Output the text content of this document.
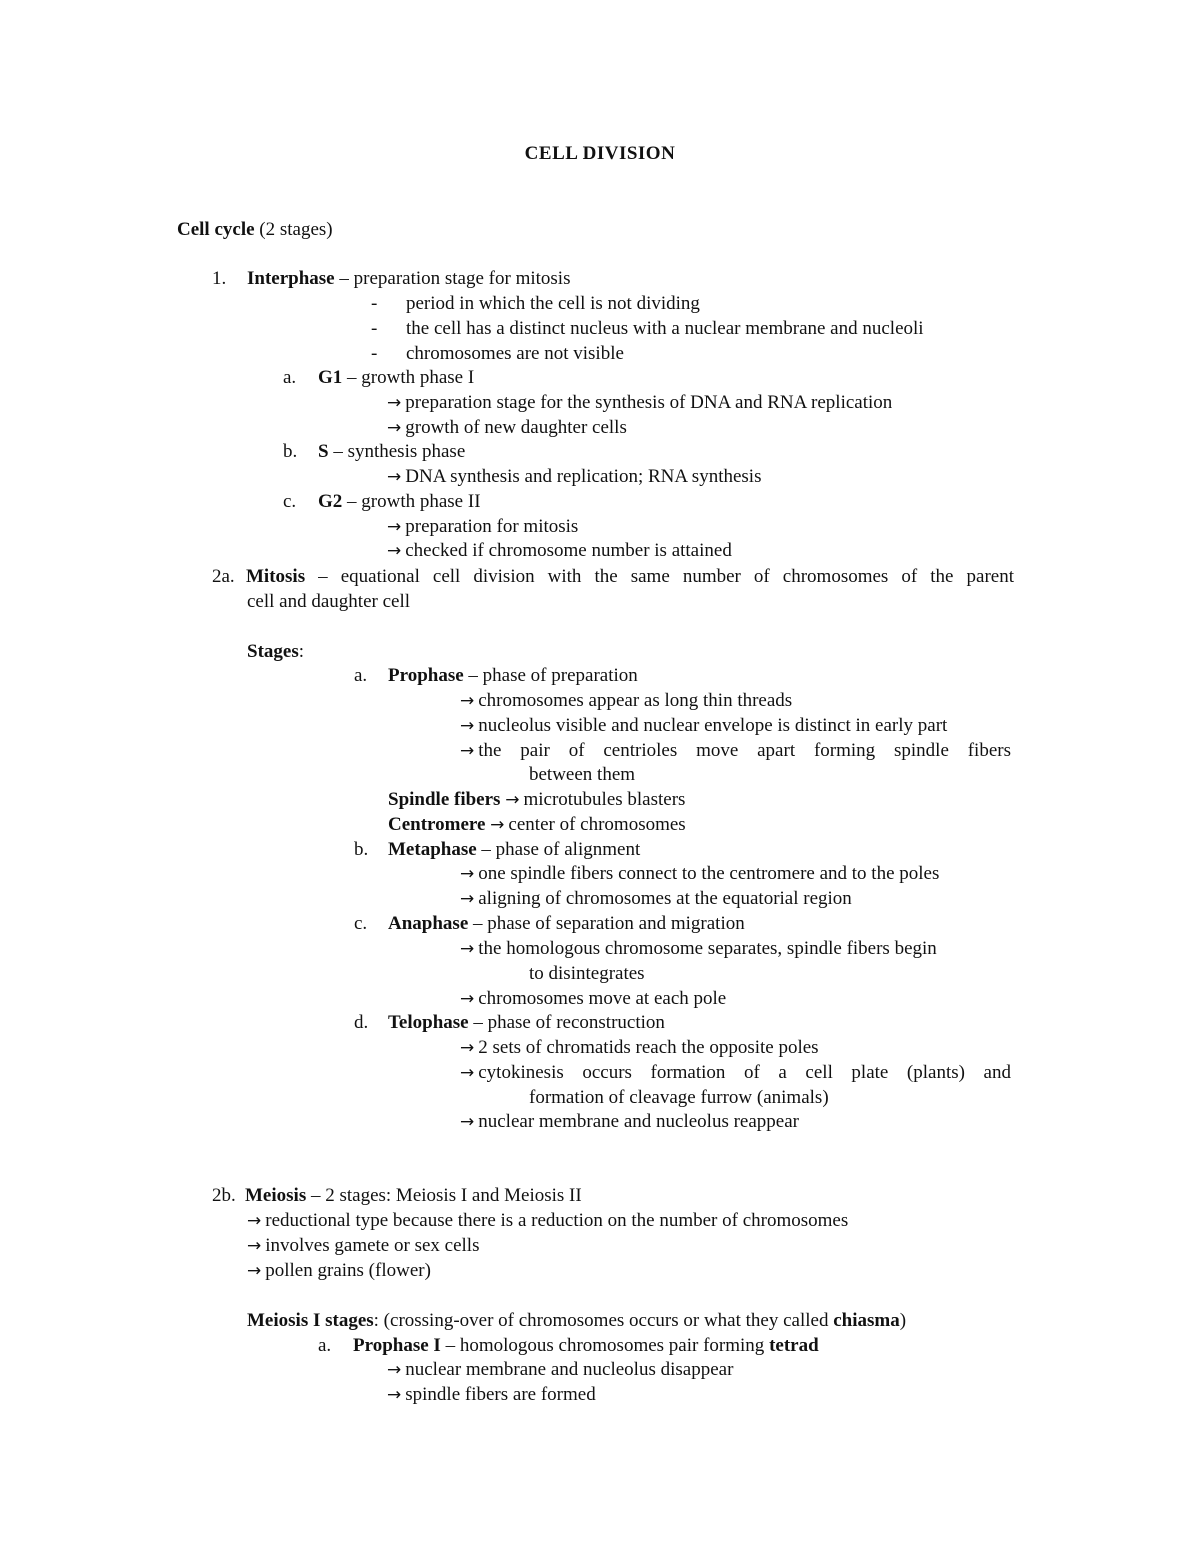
CELL DIVISION
Cell cycle (2 stages)
1. Interphase – preparation stage for mitosis
- period in which the cell is not dividing
- the cell has a distinct nucleus with a nuclear membrane and nucleoli
- chromosomes are not visible
a. G1 – growth phase I
→ preparation stage for the synthesis of DNA and RNA replication
→ growth of new daughter cells
b. S – synthesis phase
→ DNA synthesis and replication; RNA synthesis
c. G2 – growth phase II
→ preparation for mitosis
→ checked if chromosome number is attained
2a. Mitosis – equational cell division with the same number of chromosomes of the parent
cell and daughter cell
Stages:
a. Prophase – phase of preparation
→ chromosomes appear as long thin threads
→ nucleolus visible and nuclear envelope is distinct in early part
→ the pair of centrioles move apart forming spindle fibers
between them
Spindle fibers → microtubules blasters
Centromere → center of chromosomes
b. Metaphase – phase of alignment
→ one spindle fibers connect to the centromere and to the poles
→ aligning of chromosomes at the equatorial region
c. Anaphase – phase of separation and migration
→ the homologous chromosome separates, spindle fibers begin
to disintegrates
→ chromosomes move at each pole
d. Telophase – phase of reconstruction
→ 2 sets of chromatids reach the opposite poles
→ cytokinesis occurs formation of a cell plate (plants) and
formation of cleavage furrow (animals)
→ nuclear membrane and nucleolus reappear
2b. Meiosis – 2 stages: Meiosis I and Meiosis II
→ reductional type because there is a reduction on the number of chromosomes
→ involves gamete or sex cells
→ pollen grains (flower)
Meiosis I stages: (crossing-over of chromosomes occurs or what they called chiasma)
a. Prophase I – homologous chromosomes pair forming tetrad
→ nuclear membrane and nucleolus disappear
→ spindle fibers are formed
